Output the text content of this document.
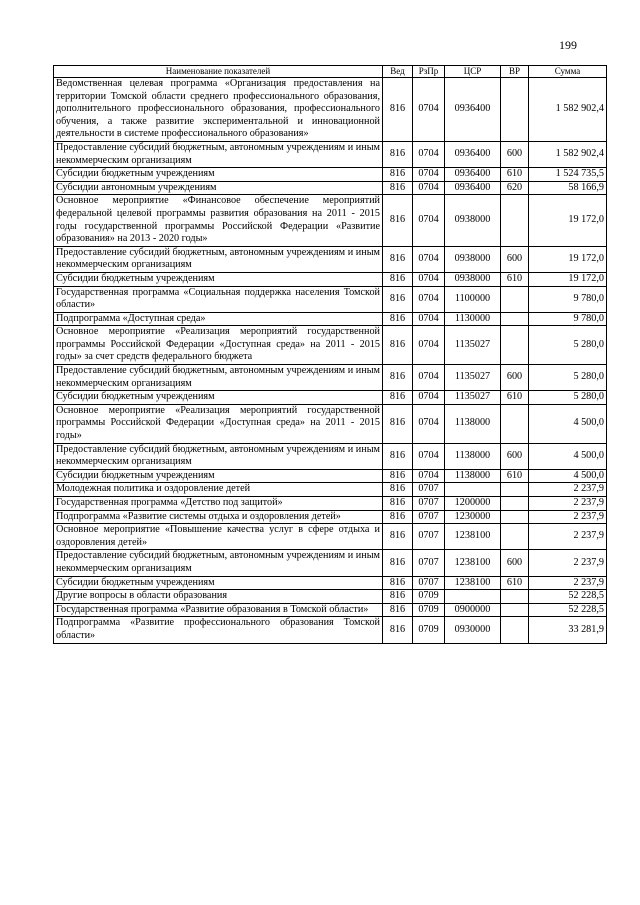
199
Наименование показателей	Вед	РзПр	ЦСР	ВР	Сумма
Ведомственная целевая программа «Организация предоставления на территории Томской области среднего профессионального образования, дополнительного профессионального образования, профессионального обучения, а также развитие экспериментальной и инновационной деятельности в системе профессионального образования»	816	0704	0936400		1 582 902,4
Предоставление субсидий бюджетным, автономным учреждениям и иным некоммерческим организациям	816	0704	0936400	600	1 582 902,4
Субсидии бюджетным учреждениям	816	0704	0936400	610	1 524 735,5
Субсидии автономным учреждениям	816	0704	0936400	620	58 166,9
Основное мероприятие «Финансовое обеспечение мероприятий федеральной целевой программы развития образования на 2011 - 2015 годы государственной программы Российской Федерации «Развитие образования» на 2013 - 2020 годы»	816	0704	0938000		19 172,0
Предоставление субсидий бюджетным, автономным учреждениям и иным некоммерческим организациям	816	0704	0938000	600	19 172,0
Субсидии бюджетным учреждениям	816	0704	0938000	610	19 172,0
Государственная программа «Социальная поддержка населения Томской области»	816	0704	1100000		9 780,0
Подпрограмма «Доступная среда»	816	0704	1130000		9 780,0
Основное мероприятие «Реализация мероприятий государственной программы Российской Федерации «Доступная среда» на 2011 - 2015 годы» за счет средств федерального бюджета	816	0704	1135027		5 280,0
Предоставление субсидий бюджетным, автономным учреждениям и иным некоммерческим организациям	816	0704	1135027	600	5 280,0
Субсидии бюджетным учреждениям	816	0704	1135027	610	5 280,0
Основное мероприятие «Реализация мероприятий государственной программы Российской Федерации «Доступная среда» на 2011 - 2015 годы»	816	0704	1138000		4 500,0
Предоставление субсидий бюджетным, автономным учреждениям и иным некоммерческим организациям	816	0704	1138000	600	4 500,0
Субсидии бюджетным учреждениям	816	0704	1138000	610	4 500,0
Молодежная политика и оздоровление детей	816	0707			2 237,9
Государственная программа «Детство под защитой»	816	0707	1200000		2 237,9
Подпрограмма «Развитие системы отдыха и оздоровления детей»	816	0707	1230000		2 237,9
Основное мероприятие «Повышение качества услуг в сфере отдыха и оздоровления детей»	816	0707	1238100		2 237,9
Предоставление субсидий бюджетным, автономным учреждениям и иным некоммерческим организациям	816	0707	1238100	600	2 237,9
Субсидии бюджетным учреждениям	816	0707	1238100	610	2 237,9
Другие вопросы в области образования	816	0709			52 228,5
Государственная программа «Развитие образования в Томской области»	816	0709	0900000		52 228,5
Подпрограмма «Развитие профессионального образования Томской области»	816	0709	0930000		33 281,9
